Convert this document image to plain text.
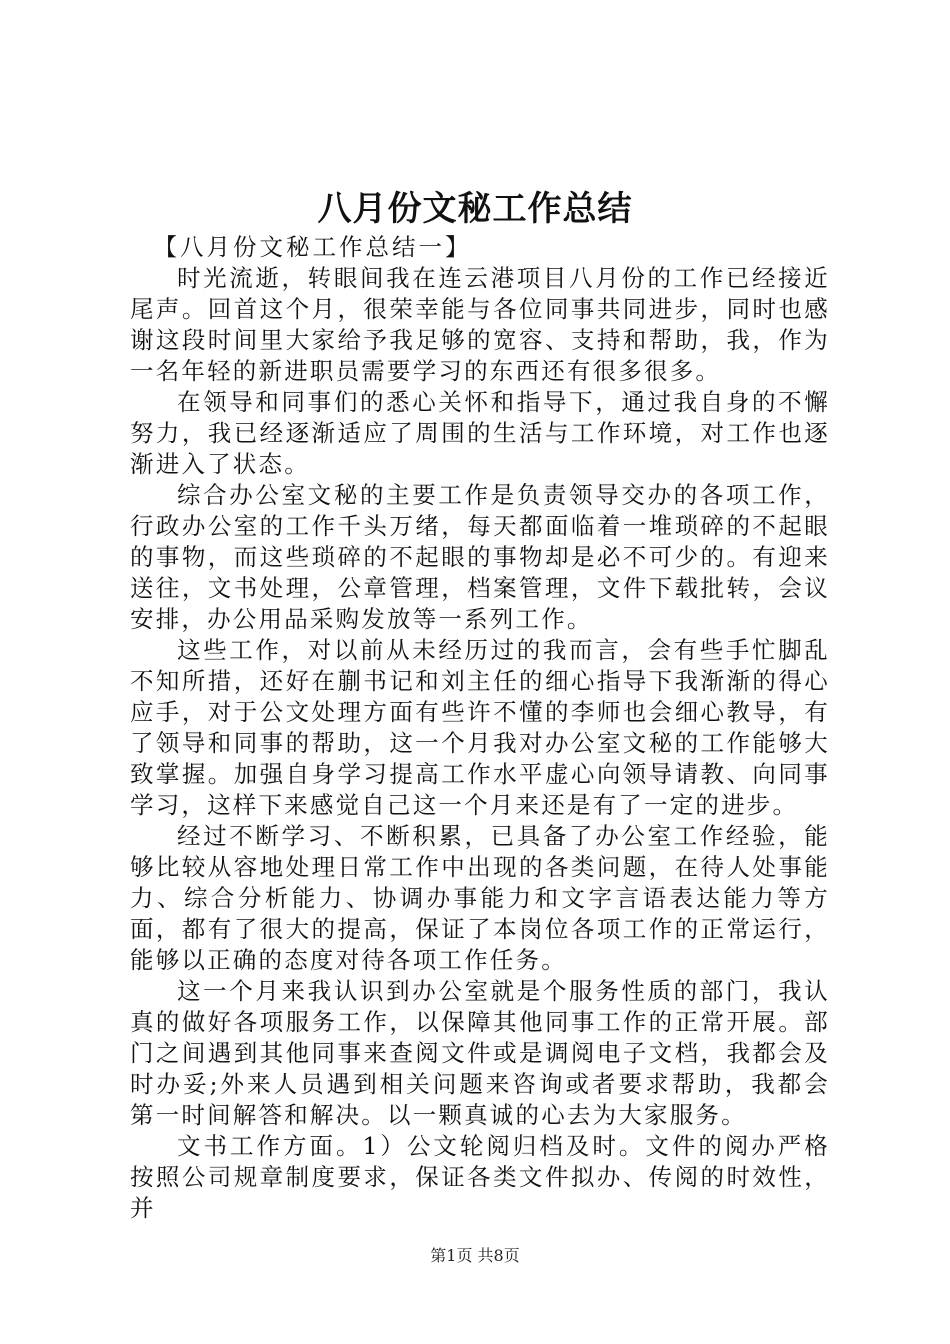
八月份文秘工作总结

【八月份文秘工作总结一】

时光流逝，转眼间我在连云港项目八月份的工作已经接近尾声。回首这个月，很荣幸能与各位同事共同进步，同时也感谢这段时间里大家给予我足够的宽容、支持和帮助，我，作为一名年轻的新进职员需要学习的东西还有很多很多。

在领导和同事们的悉心关怀和指导下，通过我自身的不懈努力，我已经逐渐适应了周围的生活与工作环境，对工作也逐渐进入了状态。

综合办公室文秘的主要工作是负责领导交办的各项工作，行政办公室的工作千头万绪，每天都面临着一堆琐碎的不起眼的事物，而这些琐碎的不起眼的事物却是必不可少的。有迎来送往，文书处理，公章管理，档案管理，文件下载批转，会议安排，办公用品采购发放等一系列工作。

这些工作，对以前从未经历过的我而言，会有些手忙脚乱不知所措，还好在蒯书记和刘主任的细心指导下我渐渐的得心应手，对于公文处理方面有些许不懂的李师也会细心教导，有了领导和同事的帮助，这一个月我对办公室文秘的工作能够大致掌握。加强自身学习提高工作水平虚心向领导请教、向同事学习，这样下来感觉自己这一个月来还是有了一定的进步。

经过不断学习、不断积累，已具备了办公室工作经验，能够比较从容地处理日常工作中出现的各类问题，在待人处事能力、综合分析能力、协调办事能力和文字言语表达能力等方面，都有了很大的提高，保证了本岗位各项工作的正常运行，能够以正确的态度对待各项工作任务。

这一个月来我认识到办公室就是个服务性质的部门，我认真的做好各项服务工作，以保障其他同事工作的正常开展。部门之间遇到其他同事来查阅文件或是调阅电子文档，我都会及时办妥;外来人员遇到相关问题来咨询或者要求帮助，我都会第一时间解答和解决。以一颗真诚的心去为大家服务。

文书工作方面。1）公文轮阅归档及时。文件的阅办严格按照公司规章制度要求，保证各类文件拟办、传阅的时效性，并

第1页 共8页
